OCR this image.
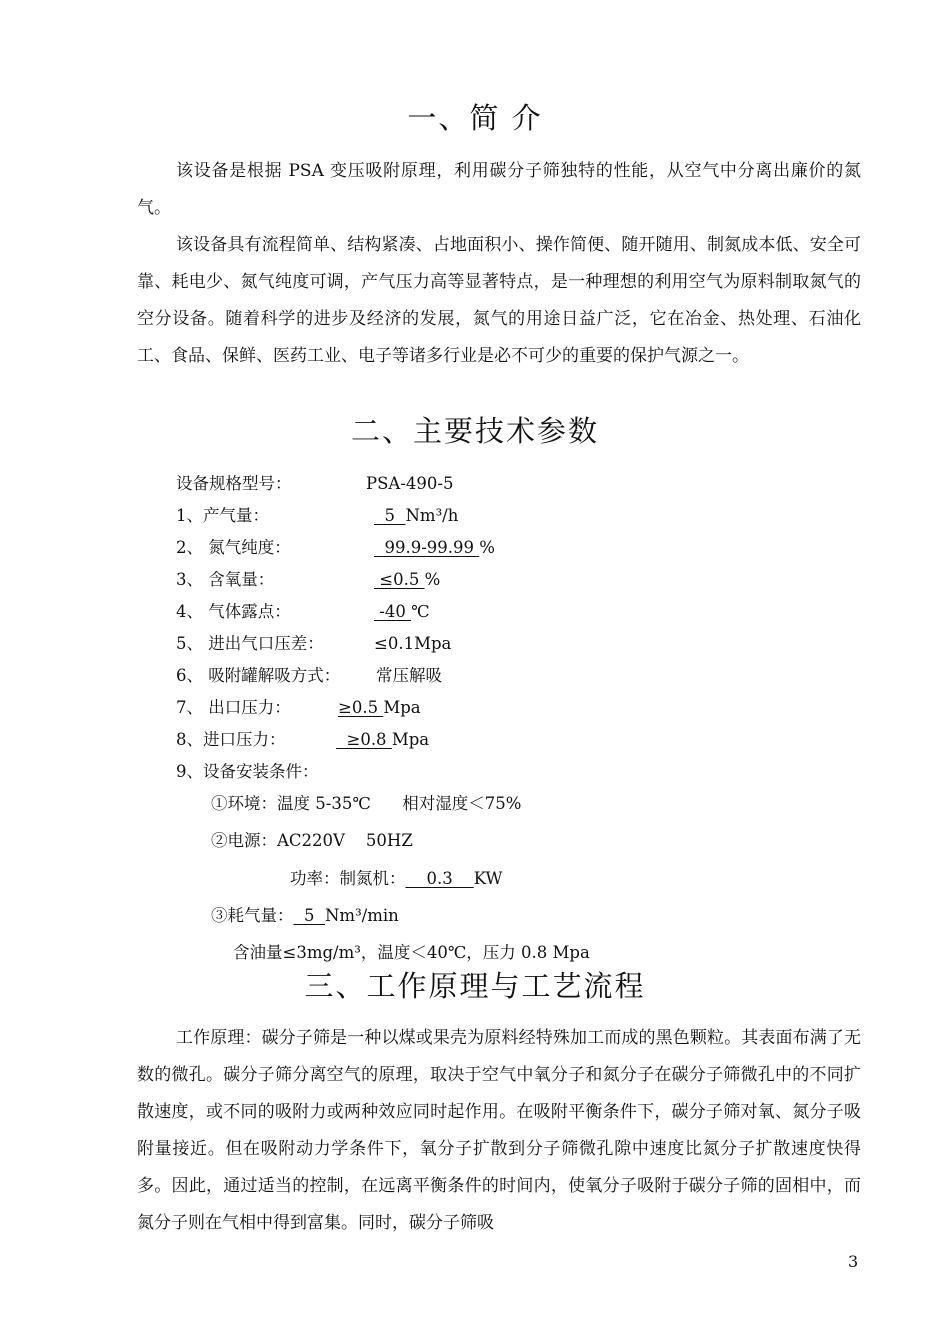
一、简 介

该设备是根据 PSA 变压吸附原理，利用碳分子筛独特的性能，从空气中分离出廉价的氮气。

该设备具有流程简单、结构紧凑、占地面积小、操作简便、随开随用、制氮成本低、安全可靠、耗电少、氮气纯度可调，产气压力高等显著特点，是一种理想的利用空气为原料制取氮气的空分设备。随着科学的进步及经济的发展，氮气的用途日益广泛，它在冶金、热处理、石油化工、食品、保鲜、医药工业、电子等诸多行业是必不可少的重要的保护气源之一。

二、主要技术参数
设备规格型号：	PSA-490-5
1、产气量：	5  Nm³/h
2、 氮气纯度：	99.9-99.99 %
3、 含氧量：	≤0.5 %
4、 气体露点：	-40 ℃
5、 进出气口压差：	≤0.1Mpa
6、 吸附罐解吸方式： 常压解吸
7、 出口压力：	≥0.5 Mpa
8、进口压力：	≥0.8 Mpa
9、设备安装条件：
①环境：温度 5-35℃      相对湿度＜75%
②电源：AC220V    50HZ
功率：制氮机：    0.3    KW
③耗气量：  5  Nm³/min
含油量≤3mg/m³，温度＜40℃，压力 0.8 Mpa
三、工作原理与工艺流程

工作原理：碳分子筛是一种以煤或果壳为原料经特殊加工而成的黑色颗粒。其表面布满了无数的微孔。碳分子筛分离空气的原理，取决于空气中氧分子和氮分子在碳分子筛微孔中的不同扩散速度，或不同的吸附力或两种效应同时起作用。在吸附平衡条件下，碳分子筛对氧、氮分子吸附量接近。但在吸附动力学条件下，氧分子扩散到分子筛微孔隙中速度比氮分子扩散速度快得多。因此，通过适当的控制，在远离平衡条件的时间内，使氧分子吸附于碳分子筛的固相中，而氮分子则在气相中得到富集。同时，碳分子筛吸

3
